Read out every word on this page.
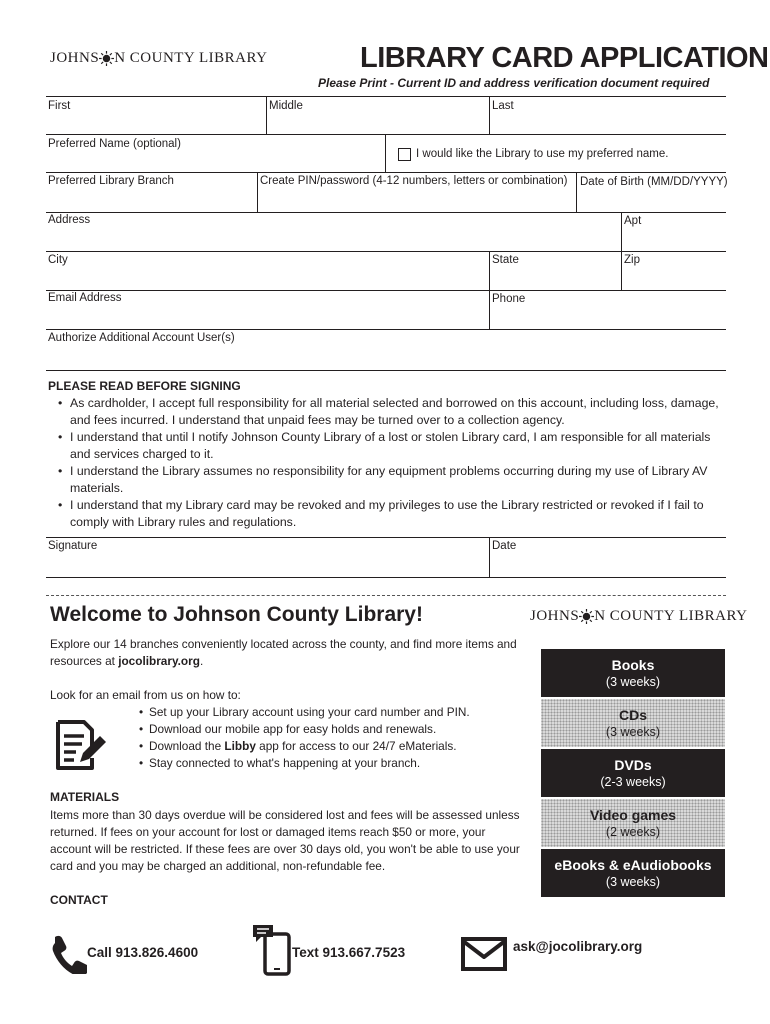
JOHNS N COUNTY LIBRARY	LIBRARY CARD APPLICATION
Please Print - Current ID and address verification document required
First	Middle	Last
Preferred Name (optional)
I would like the Library to use my preferred name.
Preferred Library Branch	Create PIN/password (4-12 numbers, letters or combination) Date of Birth (MM/DD/YYYY)
Address	Apt
City	State	Zip
Email Address	Phone
Authorize Additional Account User(s)
PLEASE READ BEFORE SIGNING
• As cardholder, I accept full responsibility for all material selected and borrowed on this account, including loss, damage, and fees incurred. I understand that unpaid fees may be turned over to a collection agency.
• I understand that until I notify Johnson County Library of a lost or stolen Library card, I am responsible for all materials and services charged to it.
• I understand the Library assumes no responsibility for any equipment problems occurring during my use of Library AV materials.
• I understand that my Library card may be revoked and my privileges to use the Library restricted or revoked if I fail to comply with Library rules and regulations.
Signature	Date
Welcome to Johnson County Library!	JOHNS N COUNTY LIBRARY
Explore our 14 branches conveniently located across the county, and find more items and resources at jocolibrary.org.
Look for an email from us on how to:
• Set up your Library account using your card number and PIN.
• Download our mobile app for easy holds and renewals.
• Download the Libby app for access to our 24/7 eMaterials.
• Stay connected to what's happening at your branch.
MATERIALS
Items more than 30 days overdue will be considered lost and fees will be assessed unless returned. If fees on your account for lost or damaged items reach $50 or more, your account will be restricted. If these fees are over 30 days old, you won't be able to use your card and you may be charged an additional, non-refundable fee.
CONTACT
Books
(3 weeks)
CDs
(3 weeks)
DVDs
(2-3 weeks)
Video games
(2 weeks)
eBooks & eAudiobooks
(3 weeks)
Call 913.826.4600	Text 913.667.7523	ask@jocolibrary.org
